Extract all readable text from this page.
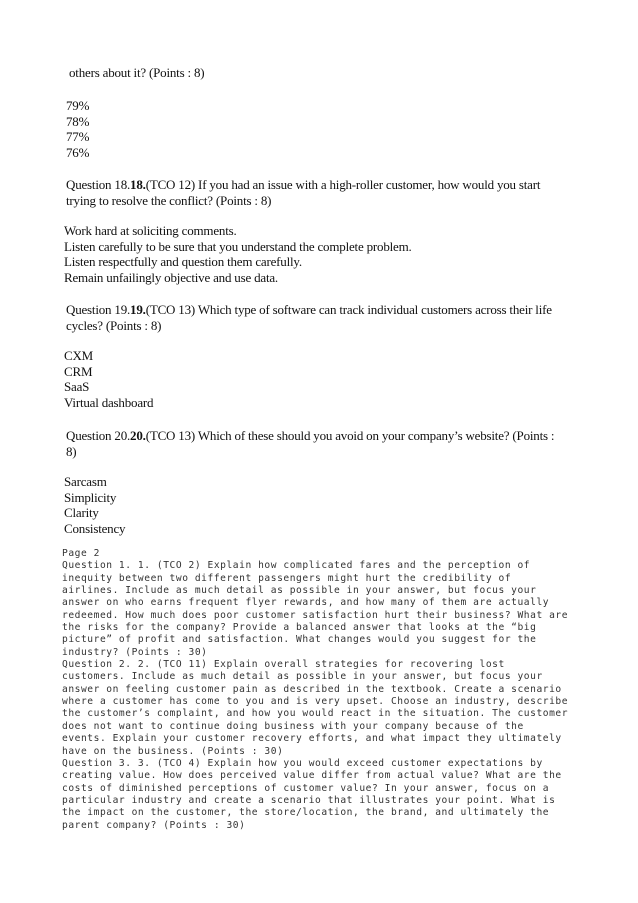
others about it? (Points : 8)
79%
78%
77%
76%
Question 18.18.(TCO 12) If you had an issue with a high-roller customer, how would you start
trying to resolve the conflict? (Points : 8)
Work hard at soliciting comments.
Listen carefully to be sure that you understand the complete problem.
Listen respectfully and question them carefully.
Remain unfailingly objective and use data.
Question 19.19.(TCO 13) Which type of software can track individual customers across their life
cycles? (Points : 8)
CXM
CRM
SaaS
Virtual dashboard
Question 20.20.(TCO 13) Which of these should you avoid on your company’s website? (Points :
8)
Sarcasm
Simplicity
Clarity
Consistency
Page 2
Question 1. 1. (TCO 2) Explain how complicated fares and the perception of
inequity between two different passengers might hurt the credibility of
airlines. Include as much detail as possible in your answer, but focus your
answer on who earns frequent flyer rewards, and how many of them are actually
redeemed. How much does poor customer satisfaction hurt their business? What are
the risks for the company? Provide a balanced answer that looks at the “big
picture” of profit and satisfaction. What changes would you suggest for the
industry? (Points : 30)
Question 2. 2. (TCO 11) Explain overall strategies for recovering lost
customers. Include as much detail as possible in your answer, but focus your
answer on feeling customer pain as described in the textbook. Create a scenario
where a customer has come to you and is very upset. Choose an industry, describe
the customer’s complaint, and how you would react in the situation. The customer
does not want to continue doing business with your company because of the
events. Explain your customer recovery efforts, and what impact they ultimately
have on the business. (Points : 30)
Question 3. 3. (TCO 4) Explain how you would exceed customer expectations by
creating value. How does perceived value differ from actual value? What are the
costs of diminished perceptions of customer value? In your answer, focus on a
particular industry and create a scenario that illustrates your point. What is
the impact on the customer, the store/location, the brand, and ultimately the
parent company? (Points : 30)
